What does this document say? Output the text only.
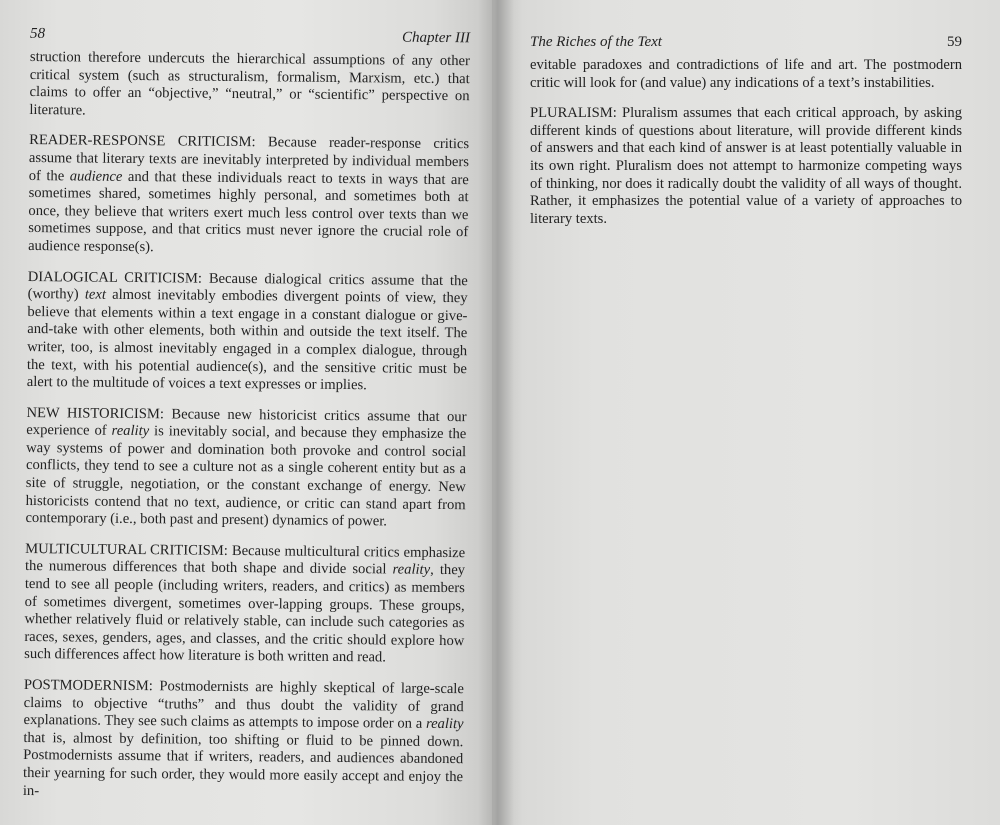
58	Chapter III

struction therefore undercuts the hierarchical assumptions of any other critical system (such as structuralism, formalism, Marxism, etc.) that claims to offer an “objective,” “neutral,” or “scientific” perspective on literature.

READER-RESPONSE CRITICISM: Because reader-response critics assume that literary texts are inevitably interpreted by individual members of the audience and that these individuals react to texts in ways that are sometimes shared, sometimes highly personal, and sometimes both at once, they believe that writers exert much less control over texts than we sometimes suppose, and that critics must never ignore the crucial role of audience response(s).

DIALOGICAL CRITICISM: Because dialogical critics assume that the (worthy) text almost inevitably embodies divergent points of view, they believe that elements within a text engage in a constant dialogue or give-and-take with other elements, both within and outside the text itself. The writer, too, is almost inevitably engaged in a complex dialogue, through the text, with his potential audience(s), and the sensitive critic must be alert to the multitude of voices a text expresses or implies.

NEW HISTORICISM: Because new historicist critics assume that our experience of reality is inevitably social, and because they emphasize the way systems of power and domination both provoke and control social conflicts, they tend to see a culture not as a single coherent entity but as a site of struggle, negotiation, or the constant exchange of energy. New historicists contend that no text, audience, or critic can stand apart from contemporary (i.e., both past and present) dynamics of power.

MULTICULTURAL CRITICISM: Because multicultural critics emphasize the numerous differences that both shape and divide social reality, they tend to see all people (including writers, readers, and critics) as members of sometimes divergent, sometimes over-lapping groups. These groups, whether relatively fluid or relatively stable, can include such categories as races, sexes, genders, ages, and classes, and the critic should explore how such differences affect how literature is both written and read.

POSTMODERNISM: Postmodernists are highly skeptical of large-scale claims to objective “truths” and thus doubt the validity of grand explanations. They see such claims as attempts to impose order on a reality that is, almost by definition, too shifting or fluid to be pinned down. Postmodernists assume that if writers, readers, and audiences abandoned their yearning for such order, they would more easily accept and enjoy the in-

The Riches of the Text	59

evitable paradoxes and contradictions of life and art. The postmodern critic will look for (and value) any indications of a text’s instabilities.

PLURALISM: Pluralism assumes that each critical approach, by asking different kinds of questions about literature, will provide different kinds of answers and that each kind of answer is at least potentially valuable in its own right. Pluralism does not attempt to harmonize competing ways of thinking, nor does it radically doubt the validity of all ways of thought. Rather, it emphasizes the potential value of a variety of approaches to literary texts.
